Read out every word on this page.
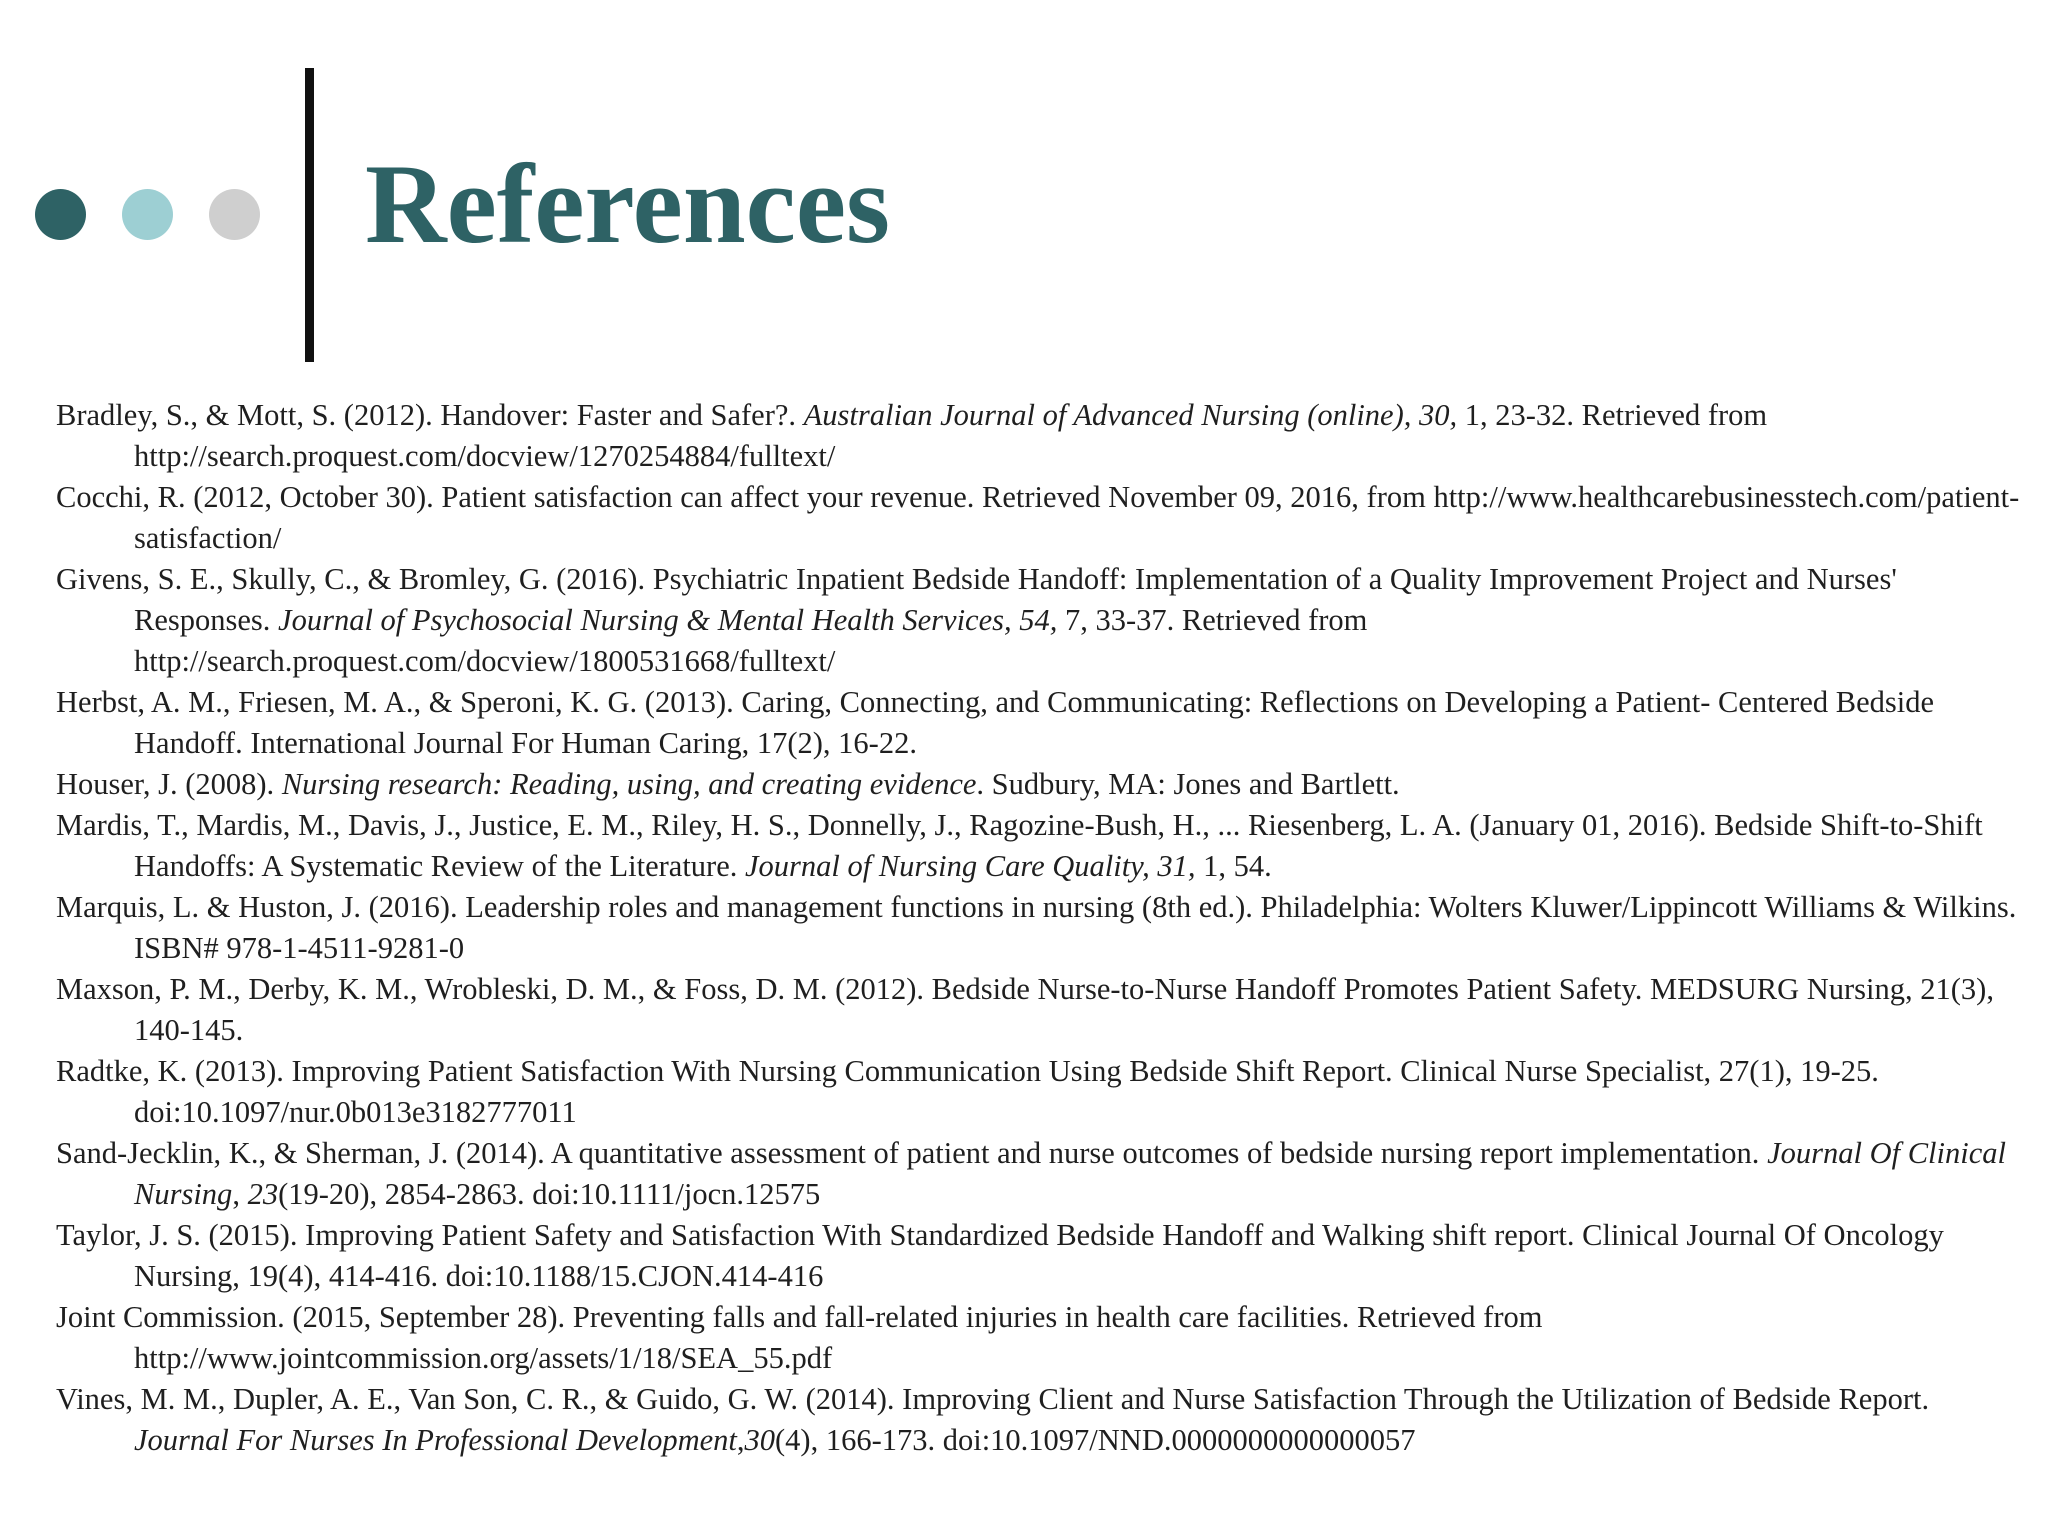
References
Bradley, S., & Mott, S. (2012). Handover: Faster and Safer?. Australian Journal of Advanced Nursing (online), 30, 1, 23-32. Retrieved from http://search.proquest.com/docview/1270254884/fulltext/
Cocchi, R. (2012, October 30). Patient satisfaction can affect your revenue. Retrieved November 09, 2016, from http://www.healthcarebusinesstech.com/patient-satisfaction/
Givens, S. E., Skully, C., & Bromley, G. (2016). Psychiatric Inpatient Bedside Handoff: Implementation of a Quality Improvement Project and Nurses' Responses. Journal of Psychosocial Nursing & Mental Health Services, 54, 7, 33-37. Retrieved from http://search.proquest.com/docview/1800531668/fulltext/
Herbst, A. M., Friesen, M. A., & Speroni, K. G. (2013). Caring, Connecting, and Communicating: Reflections on Developing a Patient- Centered Bedside Handoff. International Journal For Human Caring, 17(2), 16-22.
Houser, J. (2008). Nursing research: Reading, using, and creating evidence. Sudbury, MA: Jones and Bartlett.
Mardis, T., Mardis, M., Davis, J., Justice, E. M., Riley, H. S., Donnelly, J., Ragozine-Bush, H., ... Riesenberg, L. A. (January 01, 2016). Bedside Shift-to-Shift Handoffs: A Systematic Review of the Literature. Journal of Nursing Care Quality, 31, 1, 54.
Marquis, L. & Huston, J. (2016). Leadership roles and management functions in nursing (8th ed.). Philadelphia: Wolters Kluwer/Lippincott Williams & Wilkins. ISBN# 978-1-4511-9281-0
Maxson, P. M., Derby, K. M., Wrobleski, D. M., & Foss, D. M. (2012). Bedside Nurse-to-Nurse Handoff Promotes Patient Safety. MEDSURG Nursing, 21(3), 140-145.
Radtke, K. (2013). Improving Patient Satisfaction With Nursing Communication Using Bedside Shift Report. Clinical Nurse Specialist, 27(1), 19-25. doi:10.1097/nur.0b013e3182777011
Sand-Jecklin, K., & Sherman, J. (2014). A quantitative assessment of patient and nurse outcomes of bedside nursing report implementation. Journal Of Clinical Nursing, 23(19-20), 2854-2863. doi:10.1111/jocn.12575
Taylor, J. S. (2015). Improving Patient Safety and Satisfaction With Standardized Bedside Handoff and Walking shift report. Clinical Journal Of Oncology Nursing, 19(4), 414-416. doi:10.1188/15.CJON.414-416
Joint Commission. (2015, September 28). Preventing falls and fall-related injuries in health care facilities. Retrieved from http://www.jointcommission.org/assets/1/18/SEA_55.pdf
Vines, M. M., Dupler, A. E., Van Son, C. R., & Guido, G. W. (2014). Improving Client and Nurse Satisfaction Through the Utilization of Bedside Report. Journal For Nurses In Professional Development,30(4), 166-173. doi:10.1097/NND.0000000000000057
